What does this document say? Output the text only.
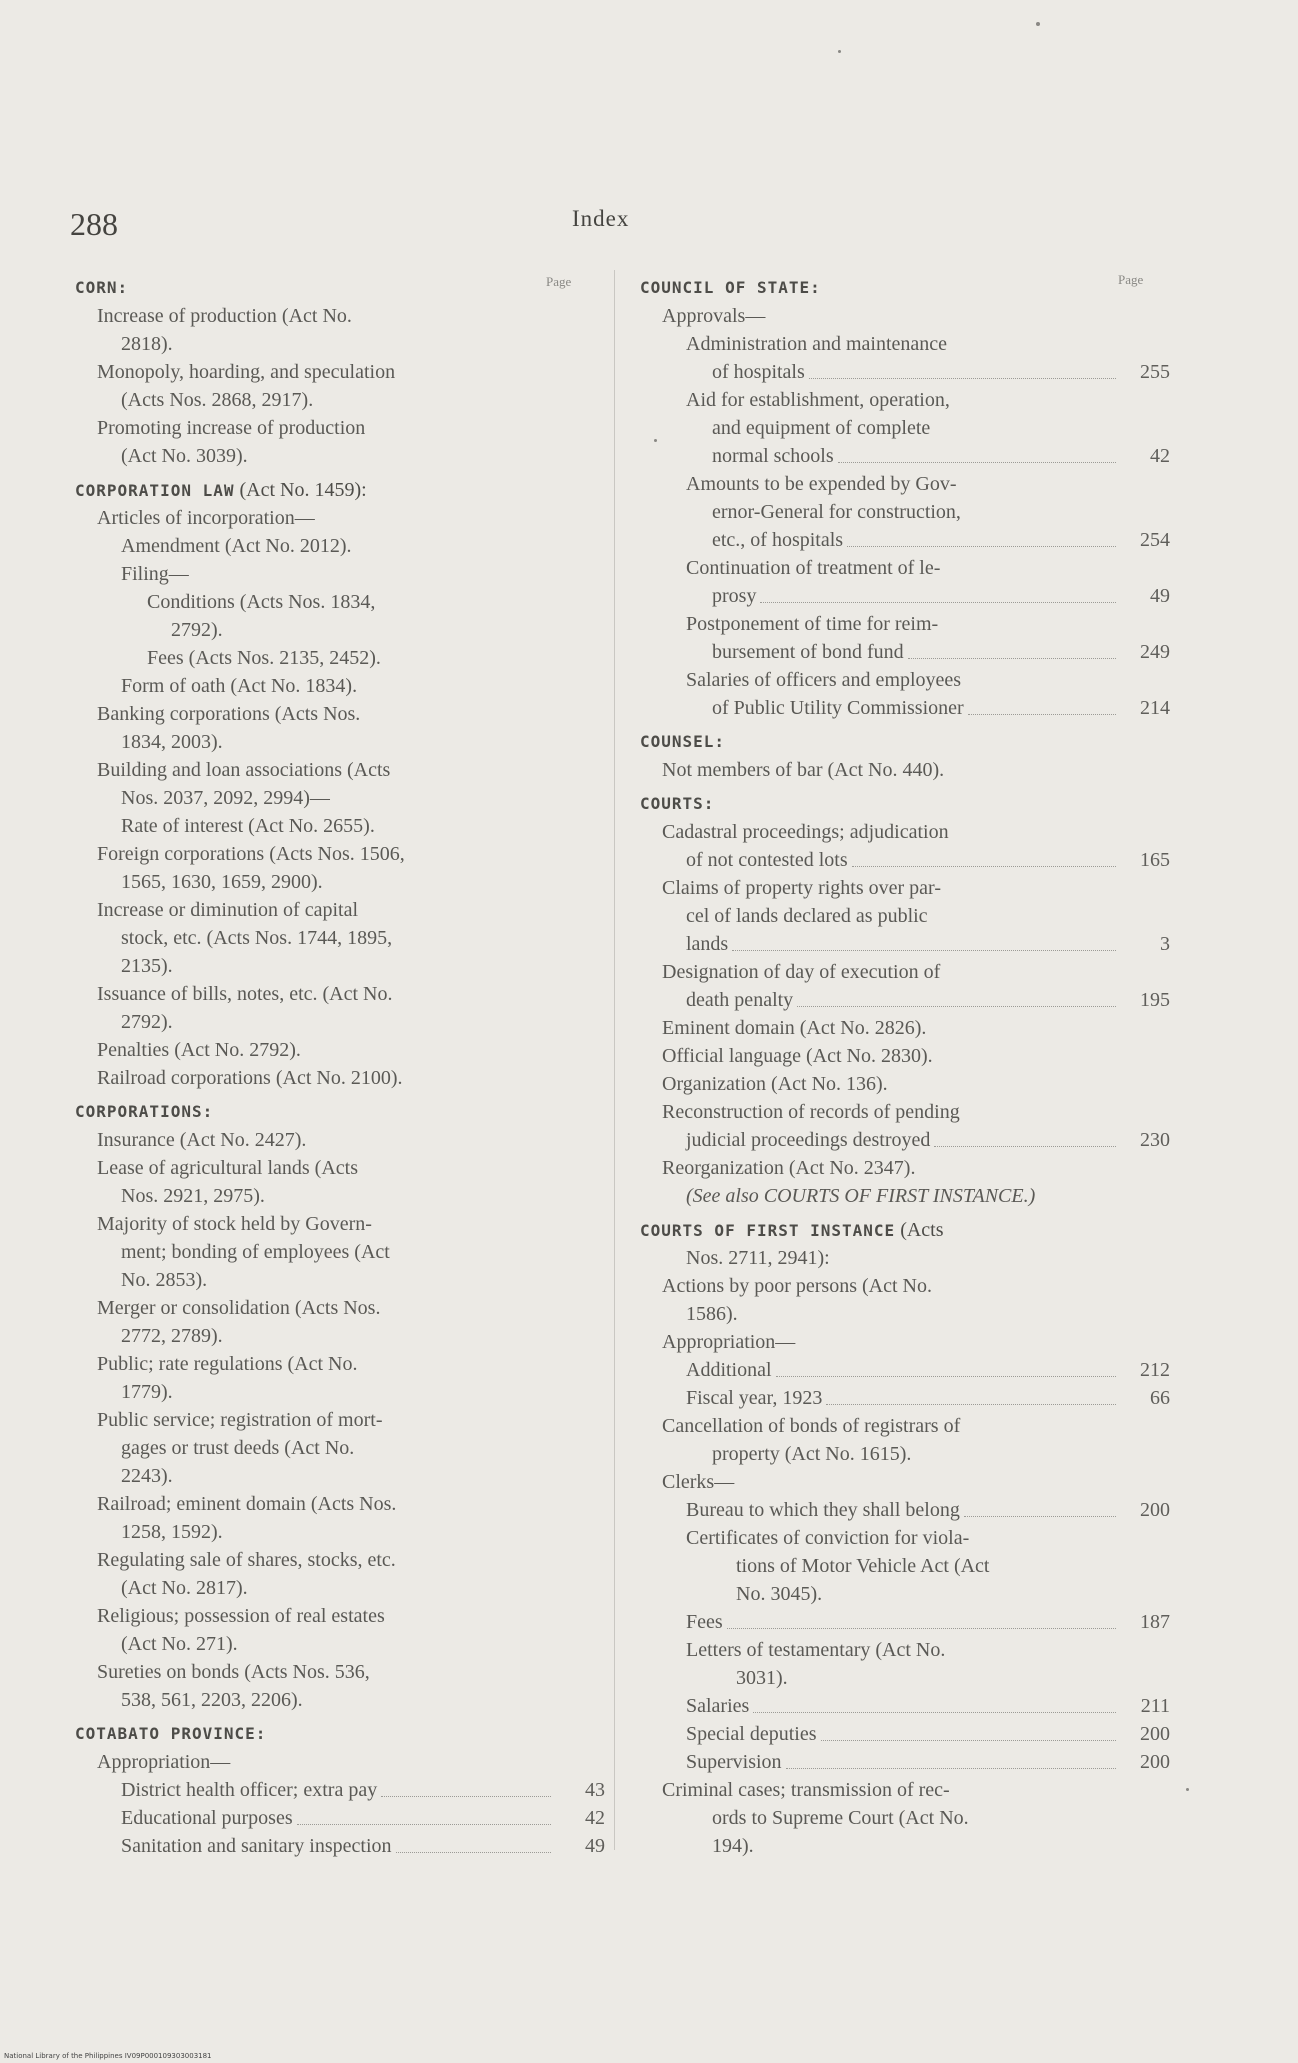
288	Index
Page	Page
CORN:
Increase of production (Act No.
2818).
Monopoly, hoarding, and speculation
(Acts Nos. 2868, 2917).
Promoting increase of production
(Act No. 3039).
CORPORATION LAW (Act No. 1459):
Articles of incorporation—
Amendment (Act No. 2012).
Filing—
Conditions (Acts Nos. 1834,
2792).
Fees (Acts Nos. 2135, 2452).
Form of oath (Act No. 1834).
Banking corporations (Acts Nos.
1834, 2003).
Building and loan associations (Acts
Nos. 2037, 2092, 2994)—
Rate of interest (Act No. 2655).
Foreign corporations (Acts Nos. 1506,
1565, 1630, 1659, 2900).
Increase or diminution of capital
stock, etc. (Acts Nos. 1744, 1895,
2135).
Issuance of bills, notes, etc. (Act No.
2792).
Penalties (Act No. 2792).
Railroad corporations (Act No. 2100).
CORPORATIONS:
Insurance (Act No. 2427).
Lease of agricultural lands (Acts
Nos. 2921, 2975).
Majority of stock held by Govern-
ment; bonding of employees (Act
No. 2853).
Merger or consolidation (Acts Nos.
2772, 2789).
Public; rate regulations (Act No.
1779).
Public service; registration of mort-
gages or trust deeds (Act No.
2243).
Railroad; eminent domain (Acts Nos.
1258, 1592).
Regulating sale of shares, stocks, etc.
(Act No. 2817).
Religious; possession of real estates
(Act No. 271).
Sureties on bonds (Acts Nos. 536,
538, 561, 2203, 2206).
COTABATO PROVINCE:
Appropriation—
District health officer; extra pay	43
Educational purposes	42
Sanitation and sanitary inspection	49
COUNCIL OF STATE:
Approvals—
Administration and maintenance
of hospitals	255
Aid for establishment, operation,
and equipment of complete
normal schools	42
Amounts to be expended by Gov-
ernor-General for construction,
etc., of hospitals	254
Continuation of treatment of le-
prosy	49
Postponement of time for reim-
bursement of bond fund	249
Salaries of officers and employees
of Public Utility Commissioner	214
COUNSEL:
Not members of bar (Act No. 440).
COURTS:
Cadastral proceedings; adjudication
of not contested lots	165
Claims of property rights over par-
cel of lands declared as public
lands	3
Designation of day of execution of
death penalty	195
Eminent domain (Act No. 2826).
Official language (Act No. 2830).
Organization (Act No. 136).
Reconstruction of records of pending
judicial proceedings destroyed	230
Reorganization (Act No. 2347).
(See also COURTS OF FIRST INSTANCE.)
COURTS OF FIRST INSTANCE (Acts
Nos. 2711, 2941):
Actions by poor persons (Act No.
1586).
Appropriation—
Additional	212
Fiscal year, 1923	66
Cancellation of bonds of registrars of
property (Act No. 1615).
Clerks—
Bureau to which they shall belong	200
Certificates of conviction for viola-
tions of Motor Vehicle Act (Act
No. 3045).
Fees	187
Letters of testamentary (Act No.
3031).
Salaries	211
Special deputies	200
Supervision	200
Criminal cases; transmission of rec-
ords to Supreme Court (Act No.
194).
National Library of the Philippines IV09P000109303003181
